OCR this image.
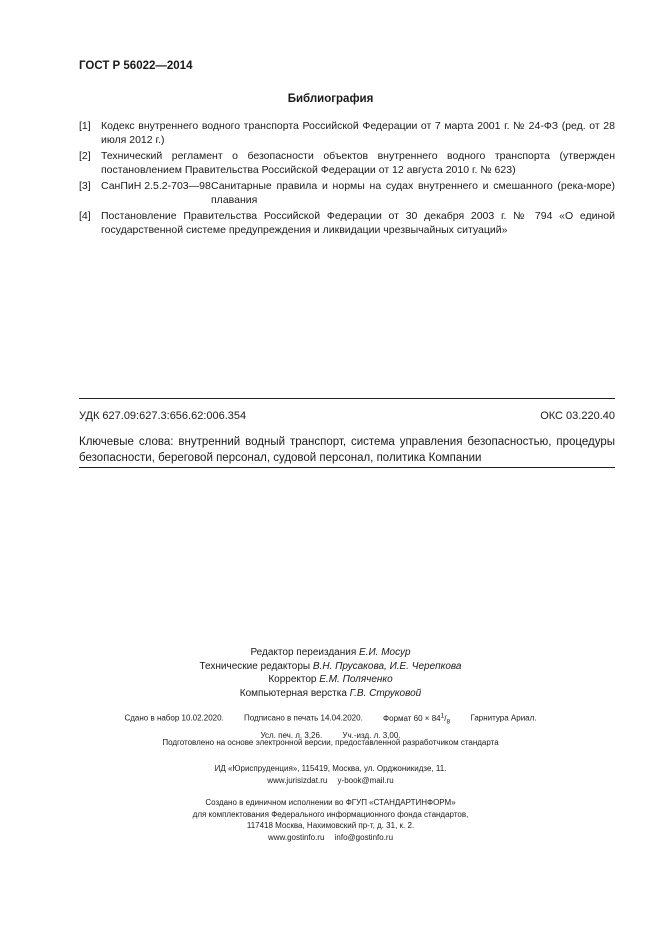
ГОСТ Р 56022—2014
Библиография
[1] Кодекс внутреннего водного транспорта Российской Федерации от 7 марта 2001 г. № 24-ФЗ (ред. от 28 июля 2012 г.)
[2] Технический регламент о безопасности объектов внутреннего водного транспорта (утвержден постановлением Правительства Российской Федерации от 12 августа 2010 г. № 623)
[3] СанПиН 2.5.2-703—98 Санитарные правила и нормы на судах внутреннего и смешанного (река-море) плавания
[4] Постановление Правительства Российской Федерации от 30 декабря 2003 г. № 794 «О единой государственной системе предупреждения и ликвидации чрезвычайных ситуаций»
УДК 627.09:627.3:656.62:006.354	ОКС 03.220.40
Ключевые слова: внутренний водный транспорт, система управления безопасностью, процедуры безопасности, береговой персонал, судовой персонал, политика Компании
Редактор переиздания Е.И. Мосур
Технические редакторы В.Н. Прусакова, И.Е. Черепкова
Корректор Е.М. Поляченко
Компьютерная верстка Г.В. Струковой
Сдано в набор 10.02.2020.	Подписано в печать 14.04.2020.	Формат $60 \times 84^1/_8$	Гарнитура Ариал.
Усл. печ. л. 3,26.	Уч.-изд. л. 3,00.
Подготовлено на основе электронной версии, предоставленной разработчиком стандарта
ИД «Юриспруденция», 115419, Москва, ул. Орджоникидзе, 11.
www.jurisizdat.ru y-book@mail.ru
Создано в единичном исполнении во ФГУП «СТАНДАРТИНФОРМ»
для комплектования Федерального информационного фонда стандартов,
117418 Москва, Нахимовский пр-т, д. 31, к. 2.
www.gostinfo.ru info@gostinfo.ru
